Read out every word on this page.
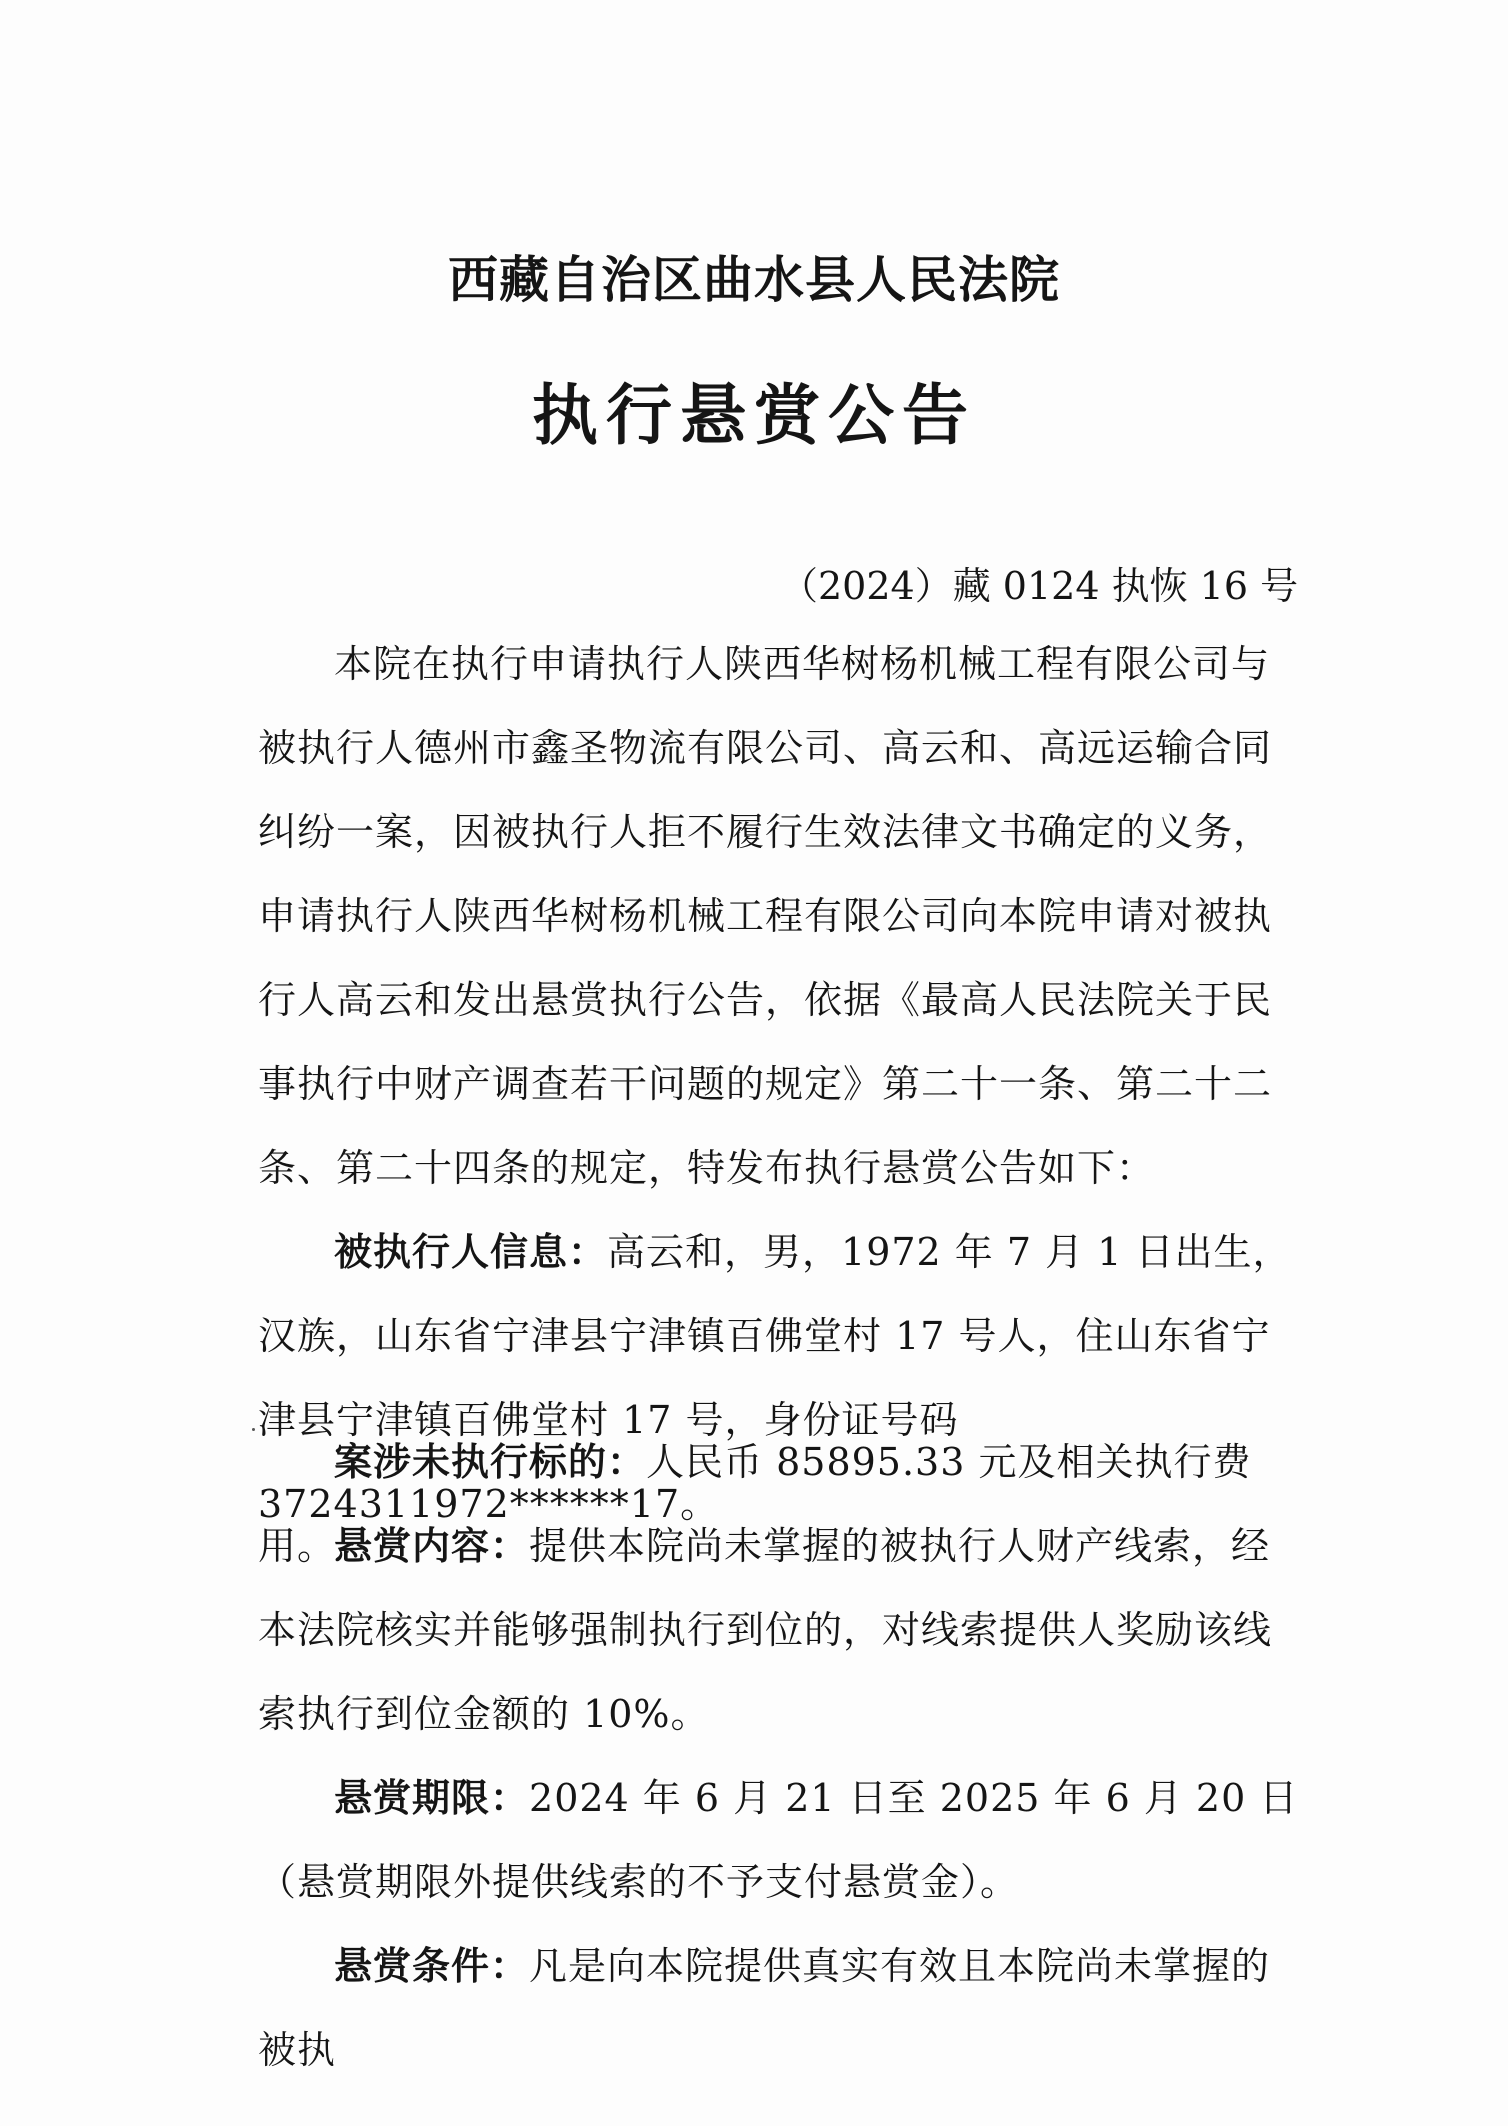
西藏自治区曲水县人民法院
执行悬赏公告
（2024）藏 0124 执恢 16 号

本院在执行申请执行人陕西华树杨机械工程有限公司与被执行人德州市鑫圣物流有限公司、高云和、高远运输合同纠纷一案，因被执行人拒不履行生效法律文书确定的义务，申请执行人陕西华树杨机械工程有限公司向本院申请对被执行人高云和发出悬赏执行公告，依据《最高人民法院关于民事执行中财产调查若干问题的规定》第二十一条、第二十二条、第二十四条的规定，特发布执行悬赏公告如下：

被执行人信息：高云和，男，1972 年 7 月 1 日出生，汉族，山东省宁津县宁津镇百佛堂村 17 号人，住山东省宁津县宁津镇百佛堂村 17 号，身份证号码 3724311972******17。

案涉未执行标的：人民币 85895.33 元及相关执行费用。

悬赏内容：提供本院尚未掌握的被执行人财产线索，经本法院核实并能够强制执行到位的，对线索提供人奖励该线索执行到位金额的 10%。

悬赏期限：2024 年 6 月 21 日至 2025 年 6 月 20 日（悬赏期限外提供线索的不予支付悬赏金）。

悬赏条件：凡是向本院提供真实有效且本院尚未掌握的被执
